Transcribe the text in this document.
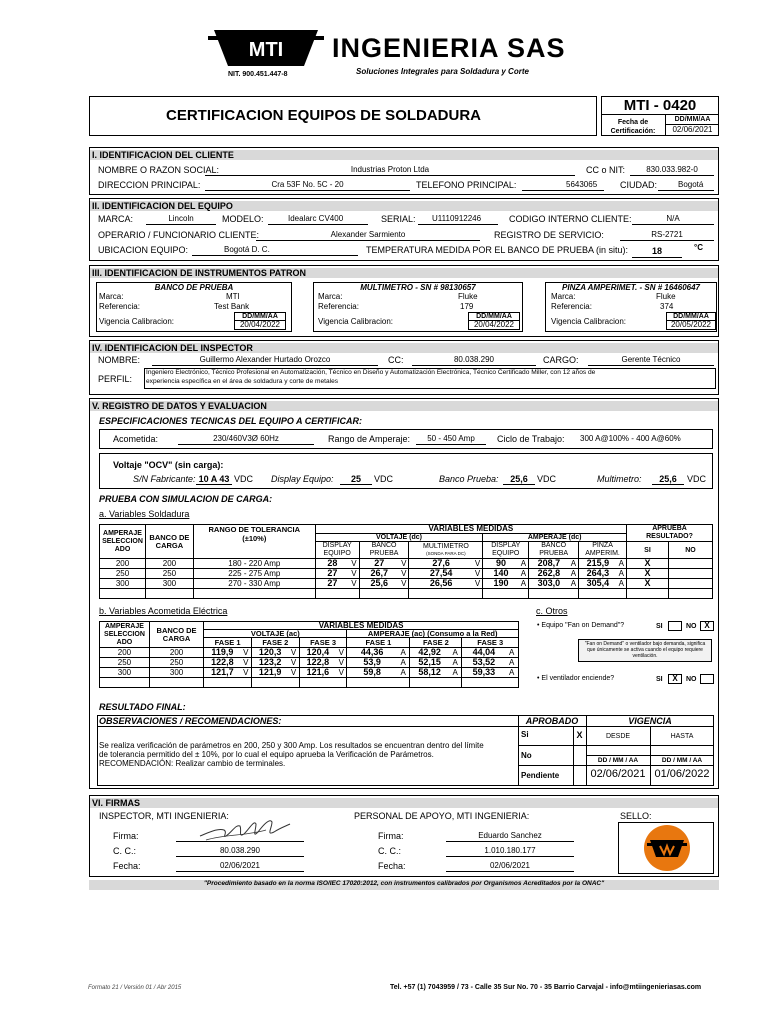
MTI INGENIERIA SAS
NIT. 900.451.447-8	Soluciones Integrales para Soldadura y Corte
CERTIFICACION EQUIPOS DE SOLDADURA
MTI - 0420
Fecha de Certificación:
DD/MM/AA
02/06/2021
I. IDENTIFICACION DEL CLIENTE
NOMBRE O RAZON SOCIAL:	Industrias Proton Ltda	CC o NIT:	830.033.982-0
DIRECCION PRINCIPAL:	Cra 53F No. 5C - 20	TELEFONO PRINCIPAL:	5643065	CIUDAD:	Bogotá
II. IDENTIFICACION DEL EQUIPO
MARCA:	Lincoln	MODELO:	Idealarc CV400	SERIAL: U1110912246	CODIGO INTERNO CLIENTE:	N/A
OPERARIO / FUNCIONARIO CLIENTE:	Alexander Sarmiento	REGISTRO DE SERVICIO:	RS-2721
UBICACION EQUIPO:	Bogotá D. C.	TEMPERATURA MEDIDA POR EL BANCO DE PRUEBA (in situ):	18	°C
III. IDENTIFICACION DE INSTRUMENTOS PATRON
BANCO DE PRUEBA
Marca:	MTI
Referencia:	Test Bank
Vigencia Calibracion:
DD/MM/AA
20/04/2022
MULTIMETRO - SN # 98130657
Marca:	Fluke
Referencia:	179
Vigencia Calibracion:
DD/MM/AA
20/04/2022
PINZA AMPERIMET. - SN # 16460647
Marca:	Fluke
Referencia:	374
Vigencia Calibracion:
DD/MM/AA
20/05/2022
IV. IDENTIFICACION DEL INSPECTOR
NOMBRE:	Guillermo Alexander Hurtado Orozco	CC:	80.038.290	CARGO:	Gerente Técnico
PERFIL:
Ingeniero Electrónico, Técnico Profesional en Automatización, Técnico en Diseño y Automatización Electrónica, Técnico Certificado Miller, con 12 años de
experiencia específica en el área de soldadura y corte de metales
V. REGISTRO DE DATOS Y EVALUACION
ESPECIFICACIONES TECNICAS DEL EQUIPO A CERTIFICAR:
Acometida:	230/460V3Ø 60Hz	Rango de Amperaje:	50 - 450 Amp	Ciclo de Trabajo: 300 A@100% - 400 A@60%
Voltaje "OCV" (sin carga):
S/N Fabricante: 10 A 43 VDC Display Equipo:	25	VDC	Banco Prueba:	25,6	VDC	Multimetro:	25,6	VDC
PRUEBA CON SIMULACION DE CARGA:
a. Variables Soldadura
AMPERAJE SELECCION ADO	BANCO DE CARGA	RANGO DE TOLERANCIA
(±10%)	VARIABLES MEDIDAS												APRUEBA RESULTADO?	
			VOLTAJE (dc)						AMPERAJE (dc)							
			DISPLAY EQUIPO		BANCO PRUEBA		MULTIMETRO
(SONDA PARA DC)		DISPLAY EQUIPO		BANCO PRUEBA		PINZA AMPERIM.		SI	NO
200	200	180 - 220 Amp	28	V	27	V	27,6	V	90	A	208,7	A	215,9	A	X	
250	250	225 - 275 Amp	27	V	26,7	V	27,54	V	140	A	262,8	A	264,3	A	X	
300	300	270 - 330 Amp	27	V	25,6	V	26,56	V	190	A	303,0	A	305,4	A	X	

b. Variables Acometida Eléctrica
AMPERAJE SELECCION ADO	BANCO DE CARGA	VARIABLES MEDIDAS											
		VOLTAJE (ac)						AMPERAJE (ac) (Consumo a la Red)					
		FASE 1		FASE 2		FASE 3		FASE 1		FASE 2		FASE 3	
200	200	119,9	V	120,3	V	120,4	V	44,36	A	42,92	A	44,04	A
250	250	122,8	V	123,2	V	122,8	V	53,9	A	52,15	A	53,52	A
300	300	121,7	V	121,9	V	121,6	V	59,8	A	58,12	A	59,33	A

c. Otros
• Equipo "Fan on Demand"?	SI	NO X
"Fan on Demand" o ventilador bajo demanda, significa que únicamente se activa cuando el equipo requiere ventilación.
• El ventilador enciende?	SI	X	NO
RESULTADO FINAL:
OBSERVACIONES / RECOMENDACIONES:
Se realiza verificación de parámetros en 200, 250 y 300 Amp. Los resultados se encuentran dentro del límite
de tolerancia permitido del ± 10%, por lo cual el equipo aprueba la Verificación de Parámetros.
RECOMENDACIÓN: Realizar cambio de terminales.
APROBADO	VIGENCIA
Si	X
No
Pendiente
DESDE	HASTA
DD / MM / AA	DD / MM / AA
02/06/2021 01/06/2022
VI. FIRMAS
INSPECTOR, MTI INGENIERIA:	PERSONAL DE APOYO, MTI INGENIERIA:	SELLO:
Firma:
C. C.:	80.038.290
Fecha:	02/06/2021
Firma:	Eduardo Sanchez
C. C.:	1.010.180.177
Fecha:	02/06/2021
"Procedimiento basado en la norma ISO/IEC 17020:2012, con instrumentos calibrados por Organismos Acreditados por la ONAC"
Formato 21 / Versión 01 / Abr 2015	Tel. +57 (1) 7043959 / 73 - Calle 35 Sur No. 70 - 35 Barrio Carvajal - info@mtiingenieriasas.com
